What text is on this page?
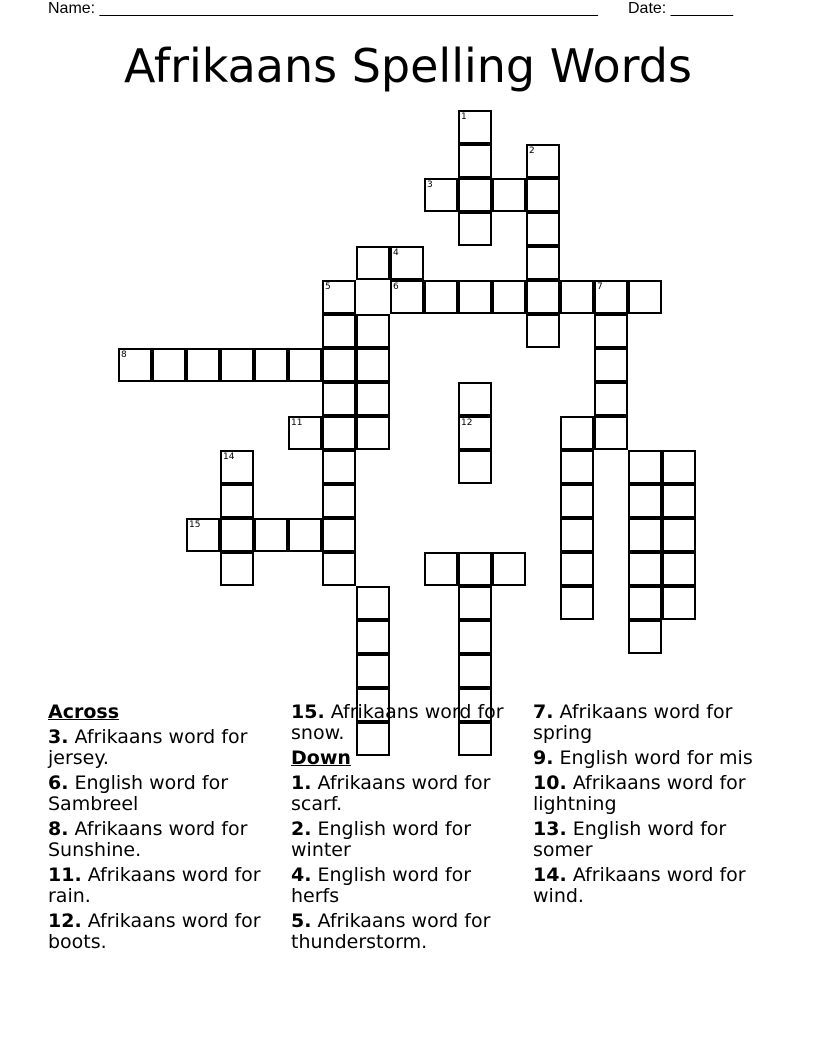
Name: ________________________________________________________ Date: _______
Afrikaans Spelling Words
1
2
3
4
6	7
5
8
12
11
14
15
Across
3. Afrikaans word for jersey.
6. English word for Sambreel
8. Afrikaans word for Sunshine.
11. Afrikaans word for rain.
12. Afrikaans word for boots.
15. Afrikaans word for snow.
Down
1. Afrikaans word for scarf.
2. English word for winter
4. English word for herfs
5. Afrikaans word for thunderstorm.
7. Afrikaans word for spring
9. English word for mis
10. Afrikaans word for lightning
13. English word for somer
14. Afrikaans word for wind.
